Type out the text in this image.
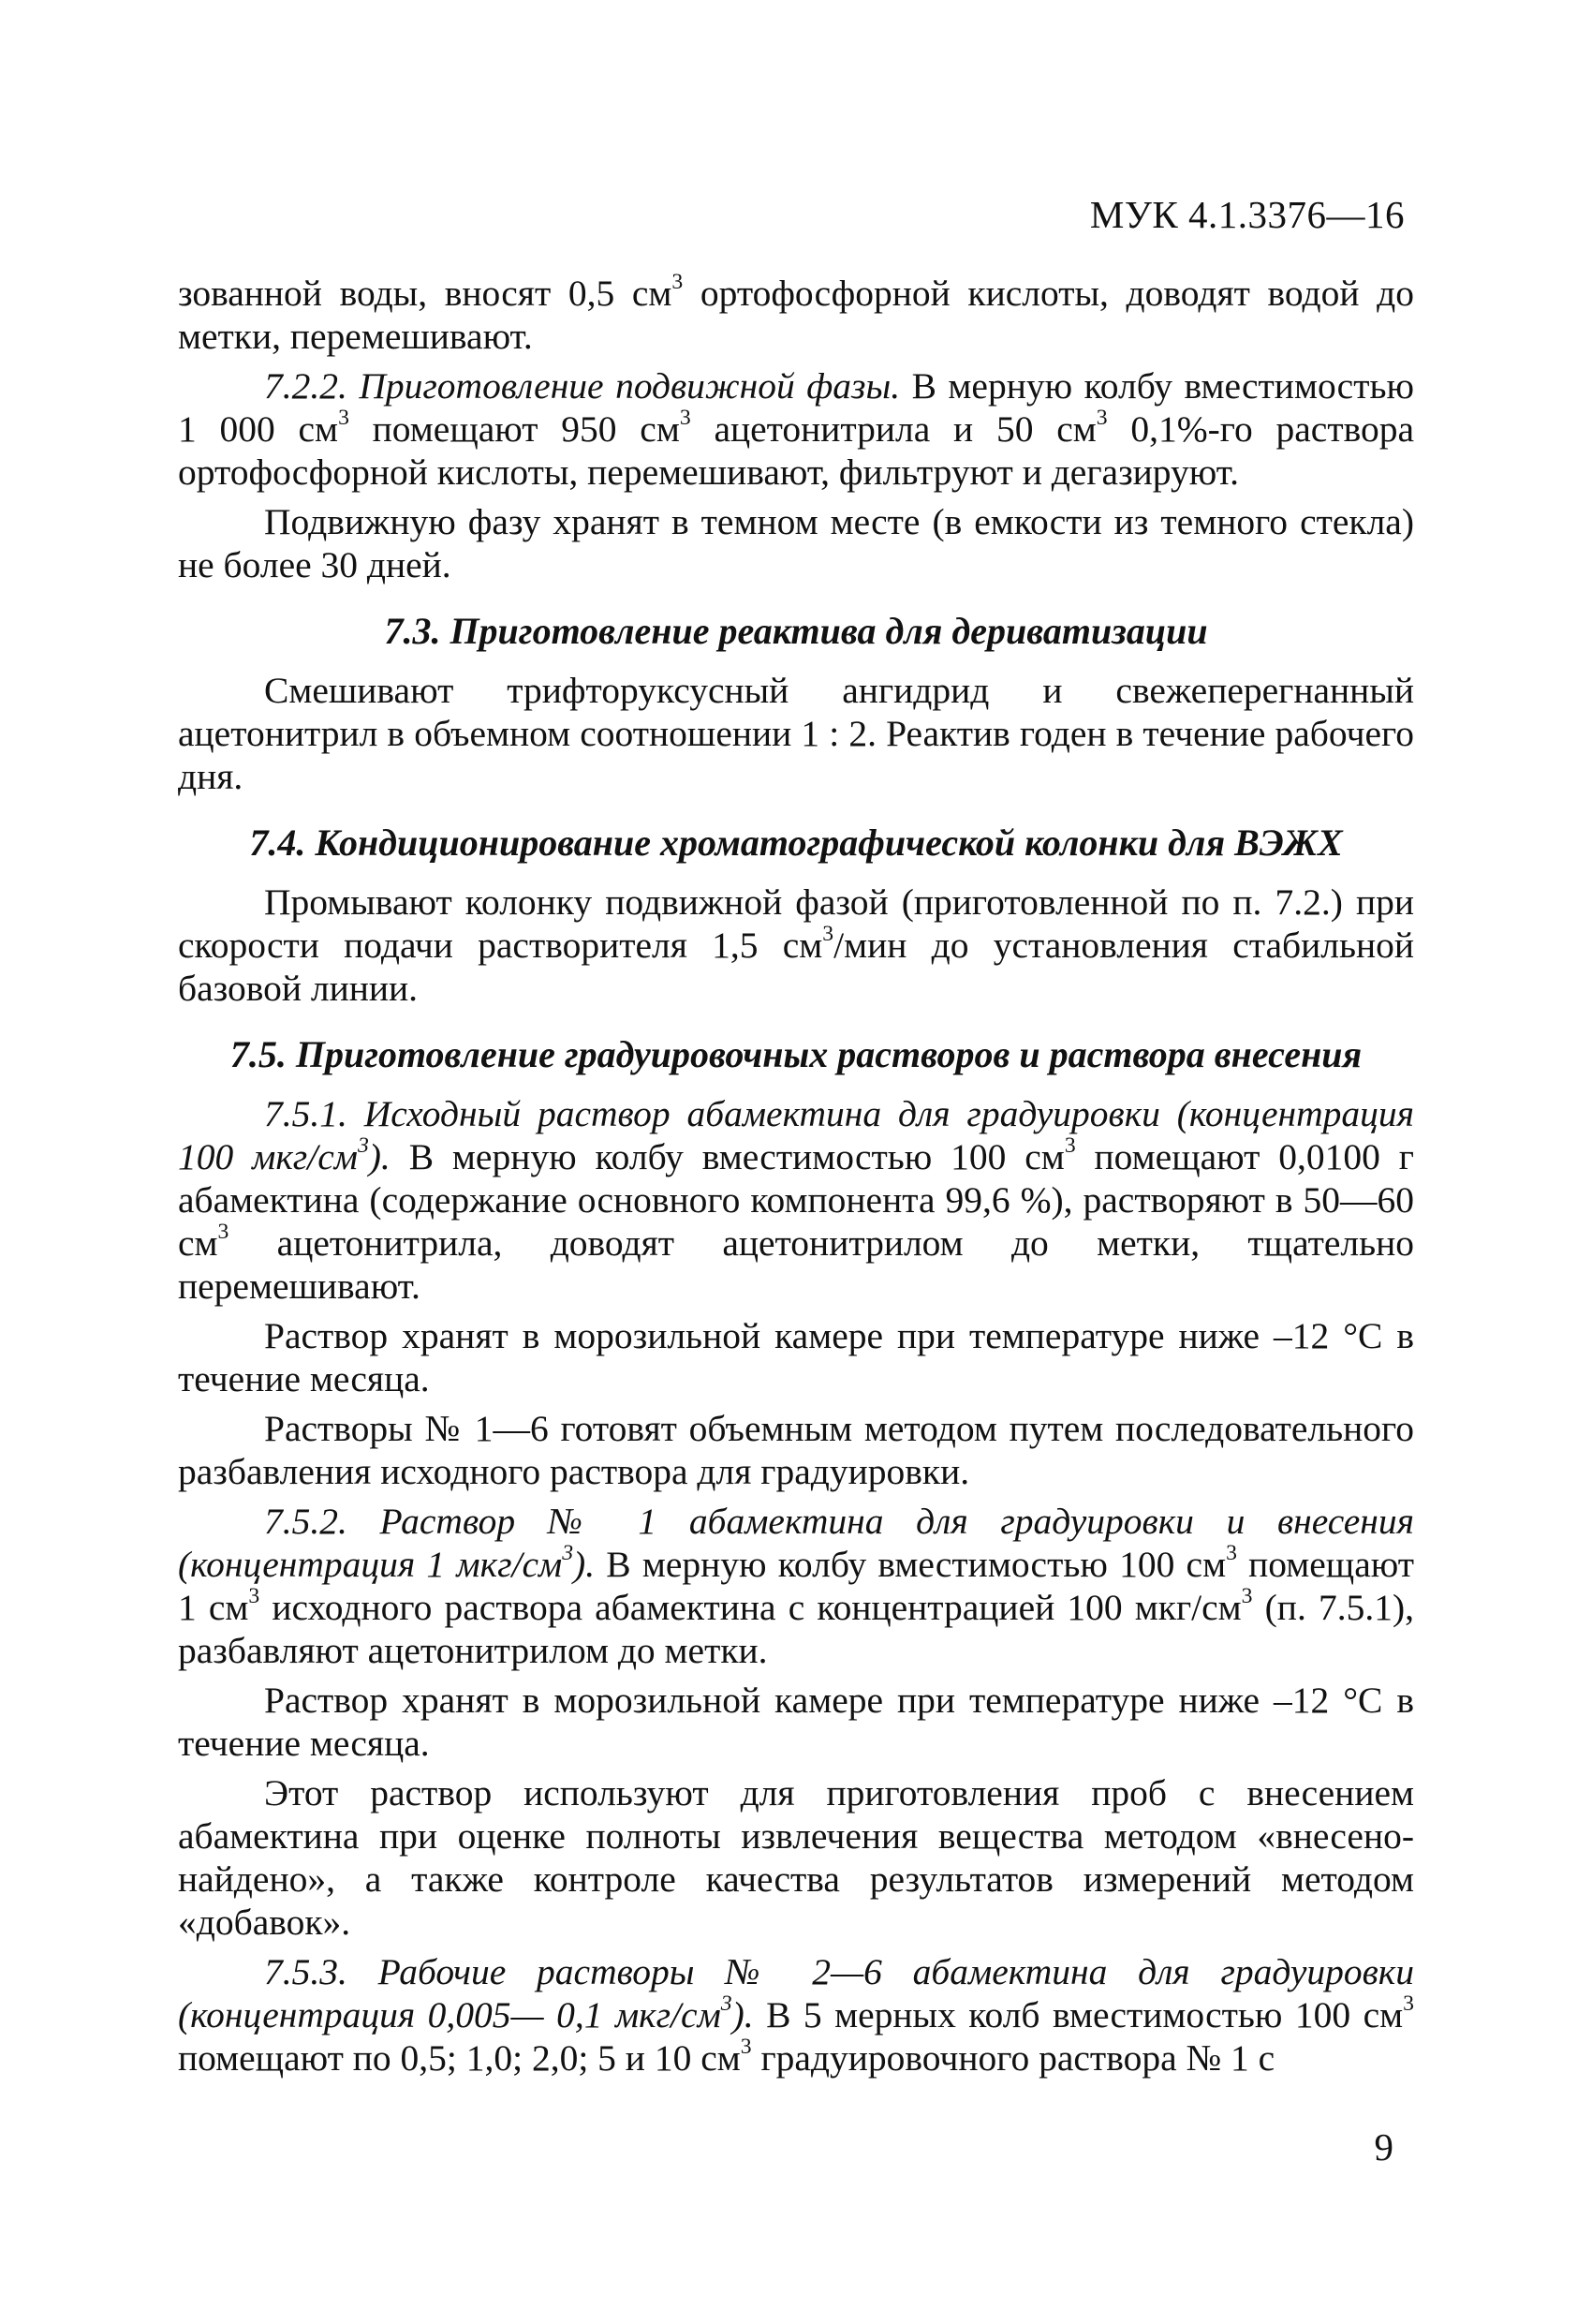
МУК 4.1.3376—16

зованной воды, вносят 0,5 $см^3$ ортофосфорной кислоты, доводят водой до метки, перемешивают.

7.2.2. Приготовление подвижной фазы. В мерную колбу вместимостью 1 000 $см^3$ помещают 950 $см^3$ ацетонитрила и 50 $см^3$ 0,1%-го раствора ортофосфорной кислоты, перемешивают, фильтруют и дегазируют.

Подвижную фазу хранят в темном месте (в емкости из темного стекла) не более 30 дней.

7.3. Приготовление реактива для дериватизации

Смешивают трифторуксусный ангидрид и свежеперегнанный ацетонитрил в объемном соотношении 1 : 2. Реактив годен в течение рабочего дня.

7.4. Кондиционирование хроматографической колонки для ВЭЖХ

Промывают колонку подвижной фазой (приготовленной по п. 7.2.) при скорости подачи растворителя 1,5 $см^3$/мин до установления стабильной базовой линии.

7.5. Приготовление градуировочных растворов и раствора внесения

7.5.1. Исходный раствор абамектина для градуировки (концентрация 100 мкг/$см^3$). В мерную колбу вместимостью 100 $см^3$ помещают 0,0100 г абамектина (содержание основного компонента 99,6 %), растворяют в 50—60 $см^3$ ацетонитрила, доводят ацетонитрилом до метки, тщательно перемешивают.

Раствор хранят в морозильной камере при температуре ниже –12 °С в течение месяца.

Растворы № 1—6 готовят объемным методом путем последовательного разбавления исходного раствора для градуировки.

7.5.2. Раствор № 1 абамектина для градуировки и внесения (концентрация 1 мкг/$см^3$). В мерную колбу вместимостью 100 $см^3$ помещают 1 $см^3$ исходного раствора абамектина с концентрацией 100 мкг/$см^3$ (п. 7.5.1), разбавляют ацетонитрилом до метки.

Раствор хранят в морозильной камере при температуре ниже –12 °С в течение месяца.

Этот раствор используют для приготовления проб с внесением абамектина при оценке полноты извлечения вещества методом «внесено-найдено», а также контроле качества результатов измерений методом «добавок».

7.5.3. Рабочие растворы № 2—6 абамектина для градуировки (концентрация 0,005— 0,1 мкг/$см^3$). В 5 мерных колб вместимостью 100 $см^3$ помещают по 0,5; 1,0; 2,0; 5 и 10 $см^3$ градуировочного раствора № 1 с

9
